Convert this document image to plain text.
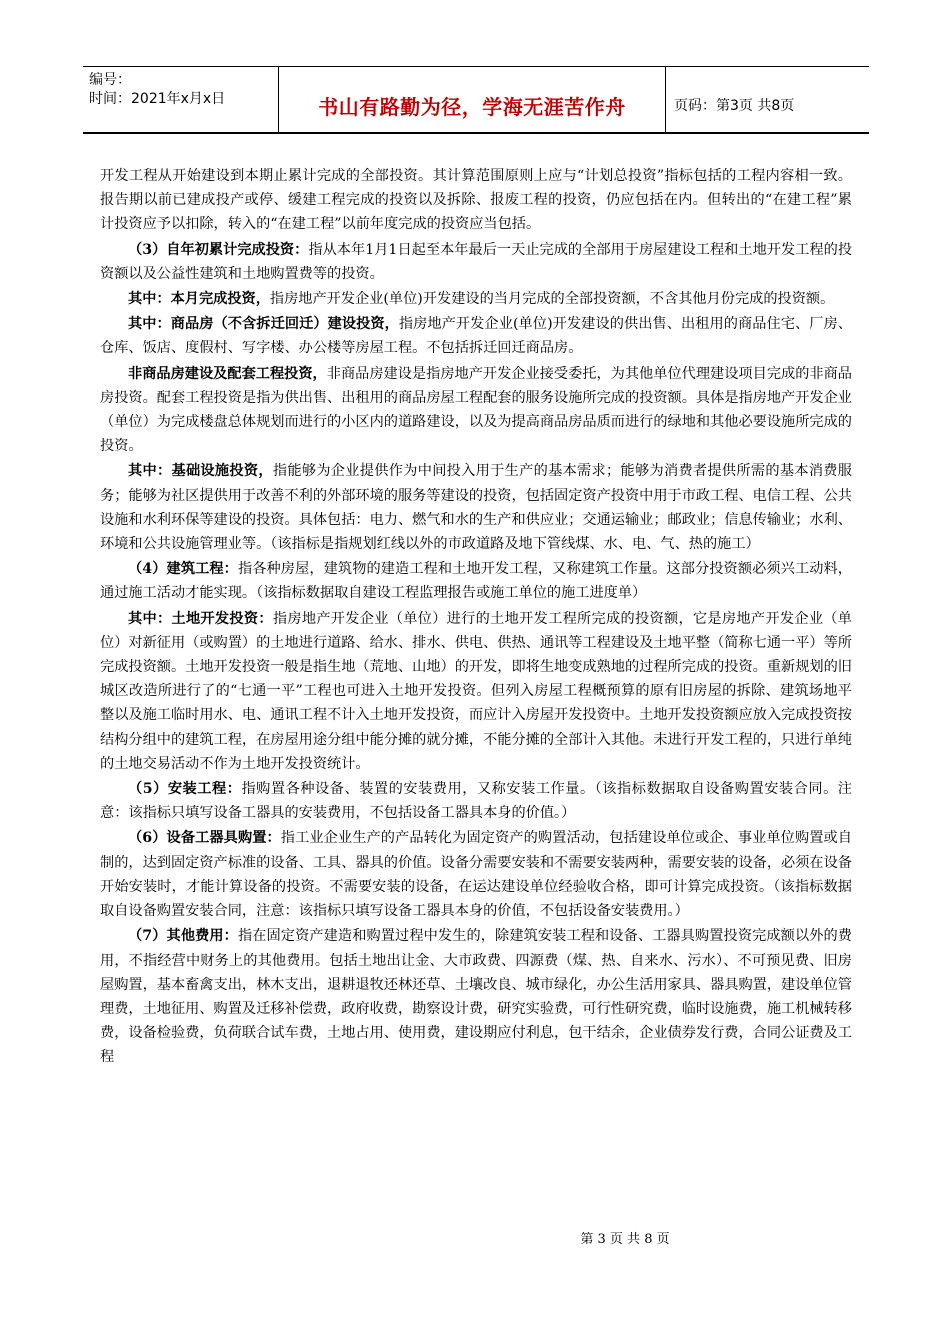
编号：
时间：2021年x月x日	书山有路勤为径，学海无涯苦作舟	页码：第3页 共8页

开发工程从开始建设到本期止累计完成的全部投资。其计算范围原则上应与“计划总投资”指标包括的工程内容相一致。报告期以前已建成投产或停、缓建工程完成的投资以及拆除、报废工程的投资，仍应包括在内。但转出的“在建工程”累计投资应予以扣除，转入的“在建工程”以前年度完成的投资应当包括。

（3）自年初累计完成投资：指从本年1月1日起至本年最后一天止完成的全部用于房屋建设工程和土地开发工程的投资额以及公益性建筑和土地购置费等的投资。

其中：本月完成投资，指房地产开发企业(单位)开发建设的当月完成的全部投资额，不含其他月份完成的投资额。

其中：商品房（不含拆迁回迁）建设投资，指房地产开发企业(单位)开发建设的供出售、出租用的商品住宅、厂房、仓库、饭店、度假村、写字楼、办公楼等房屋工程。不包括拆迁回迁商品房。

非商品房建设及配套工程投资，非商品房建设是指房地产开发企业接受委托，为其他单位代理建设项目完成的非商品房投资。配套工程投资是指为供出售、出租用的商品房屋工程配套的服务设施所完成的投资额。具体是指房地产开发企业（单位）为完成楼盘总体规划而进行的小区内的道路建设，以及为提高商品房品质而进行的绿地和其他必要设施所完成的投资。

其中：基础设施投资，指能够为企业提供作为中间投入用于生产的基本需求；能够为消费者提供所需的基本消费服务；能够为社区提供用于改善不利的外部环境的服务等建设的投资，包括固定资产投资中用于市政工程、电信工程、公共设施和水利环保等建设的投资。具体包括：电力、燃气和水的生产和供应业；交通运输业；邮政业；信息传输业；水利、环境和公共设施管理业等。（该指标是指规划红线以外的市政道路及地下管线煤、水、电、气、热的施工）

（4）建筑工程：指各种房屋，建筑物的建造工程和土地开发工程，又称建筑工作量。这部分投资额必须兴工动料，通过施工活动才能实现。（该指标数据取自建设工程监理报告或施工单位的施工进度单）

其中：土地开发投资：指房地产开发企业（单位）进行的土地开发工程所完成的投资额，它是房地产开发企业（单位）对新征用（或购置）的土地进行道路、给水、排水、供电、供热、通讯等工程建设及土地平整（简称七通一平）等所完成投资额。土地开发投资一般是指生地（荒地、山地）的开发，即将生地变成熟地的过程所完成的投资。重新规划的旧城区改造所进行了的“七通一平”工程也可进入土地开发投资。但列入房屋工程概预算的原有旧房屋的拆除、建筑场地平整以及施工临时用水、电、通讯工程不计入土地开发投资，而应计入房屋开发投资中。土地开发投资额应放入完成投资按结构分组中的建筑工程，在房屋用途分组中能分摊的就分摊，不能分摊的全部计入其他。未进行开发工程的，只进行单纯的土地交易活动不作为土地开发投资统计。

（5）安装工程：指购置各种设备、装置的安装费用，又称安装工作量。（该指标数据取自设备购置安装合同。注意：该指标只填写设备工器具的安装费用，不包括设备工器具本身的价值。）

（6）设备工器具购置：指工业企业生产的产品转化为固定资产的购置活动，包括建设单位或企、事业单位购置或自制的，达到固定资产标准的设备、工具、器具的价值。设备分需要安装和不需要安装两种，需要安装的设备，必须在设备开始安装时，才能计算设备的投资。不需要安装的设备，在运达建设单位经验收合格，即可计算完成投资。（该指标数据取自设备购置安装合同，注意：该指标只填写设备工器具本身的价值，不包括设备安装费用。）

（7）其他费用：指在固定资产建造和购置过程中发生的，除建筑安装工程和设备、工器具购置投资完成额以外的费用，不指经营中财务上的其他费用。包括土地出让金、大市政费、四源费（煤、热、自来水、污水）、不可预见费、旧房屋购置，基本畜禽支出，林木支出，退耕退牧还林还草、土壤改良、城市绿化，办公生活用家具、器具购置，建设单位管理费，土地征用、购置及迁移补偿费，政府收费，勘察设计费，研究实验费，可行性研究费，临时设施费，施工机械转移费，设备检验费，负荷联合试车费，土地占用、使用费，建设期应付利息，包干结余，企业债券发行费，合同公证费及工程

第 3 页 共 8 页
